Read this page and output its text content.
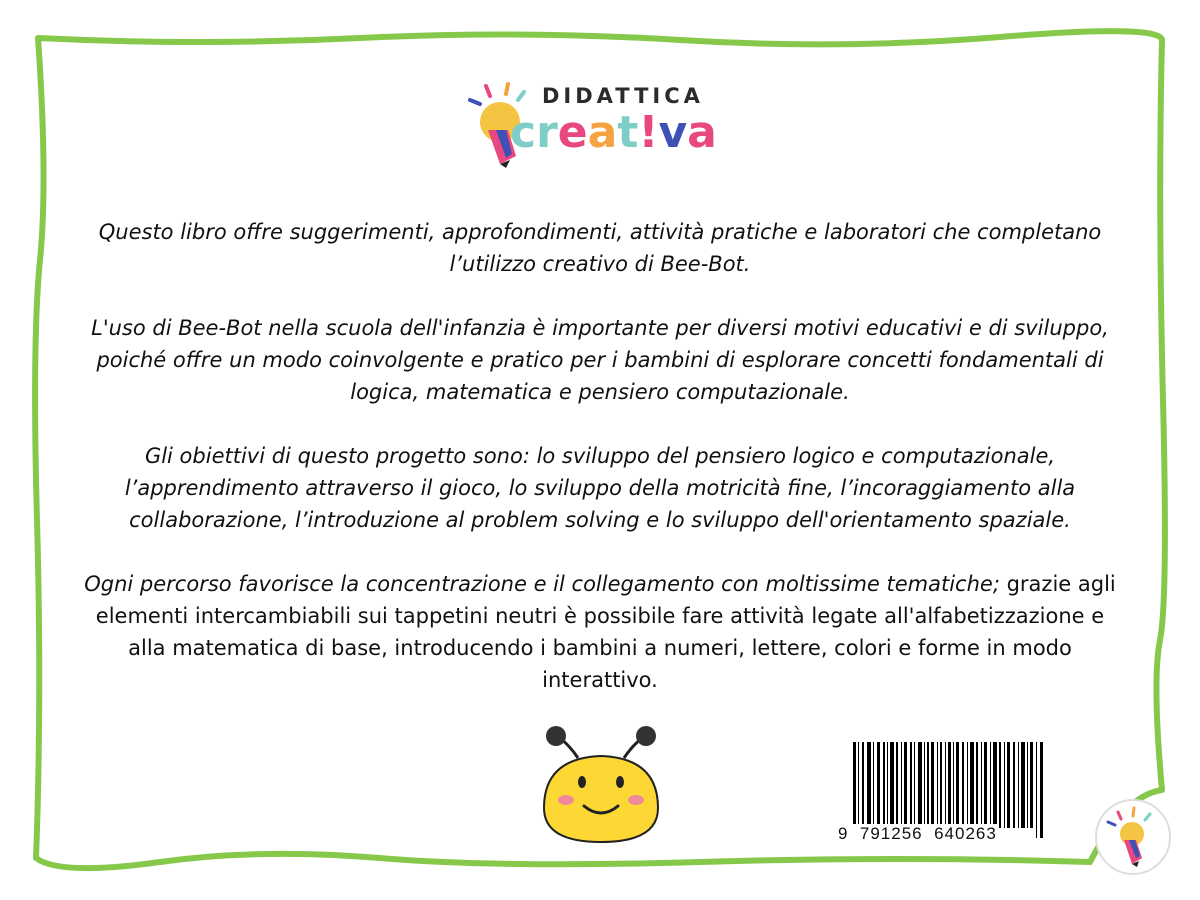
DIDATTICA
creat!va

Questo libro offre suggerimenti, approfondimenti, attività pratiche e laboratori che completano l’utilizzo creativo di Bee-Bot.

L'uso di Bee-Bot nella scuola dell'infanzia è importante per diversi motivi educativi e di sviluppo, poiché offre un modo coinvolgente e pratico per i bambini di esplorare concetti fondamentali di logica, matematica e pensiero computazionale.

Gli obiettivi di questo progetto sono: lo sviluppo del pensiero logico e computazionale, l’apprendimento attraverso il gioco, lo sviluppo della motricità fine, l’incoraggiamento alla collaborazione, l’introduzione al problem solving e lo sviluppo dell'orientamento spaziale.

Ogni percorso favorisce la concentrazione e il collegamento con moltissime tematiche; grazie agli elementi intercambiabili sui tappetini neutri è possibile fare attività legate all'alfabetizzazione e alla matematica di base, introducendo i bambini a numeri, lettere, colori e forme in modo interattivo.

9  791256  640263
